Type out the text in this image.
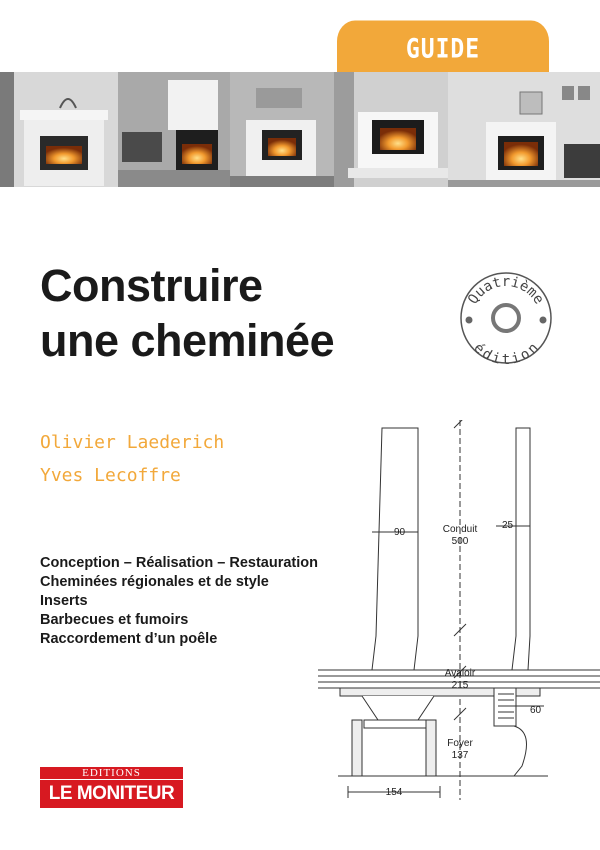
GUIDE
Construire
une cheminée
Quatrième
édition
Olivier Laederich
Yves Lecoffre
Conception – Réalisation – Restauration
Cheminées régionales et de style
Inserts
Barbecues et fumoirs
Raccordement d’un poêle
90
25
Conduit
500
Avaloir
215
60
Foyer
137
154
EDITIONS
LE MONITEUR
